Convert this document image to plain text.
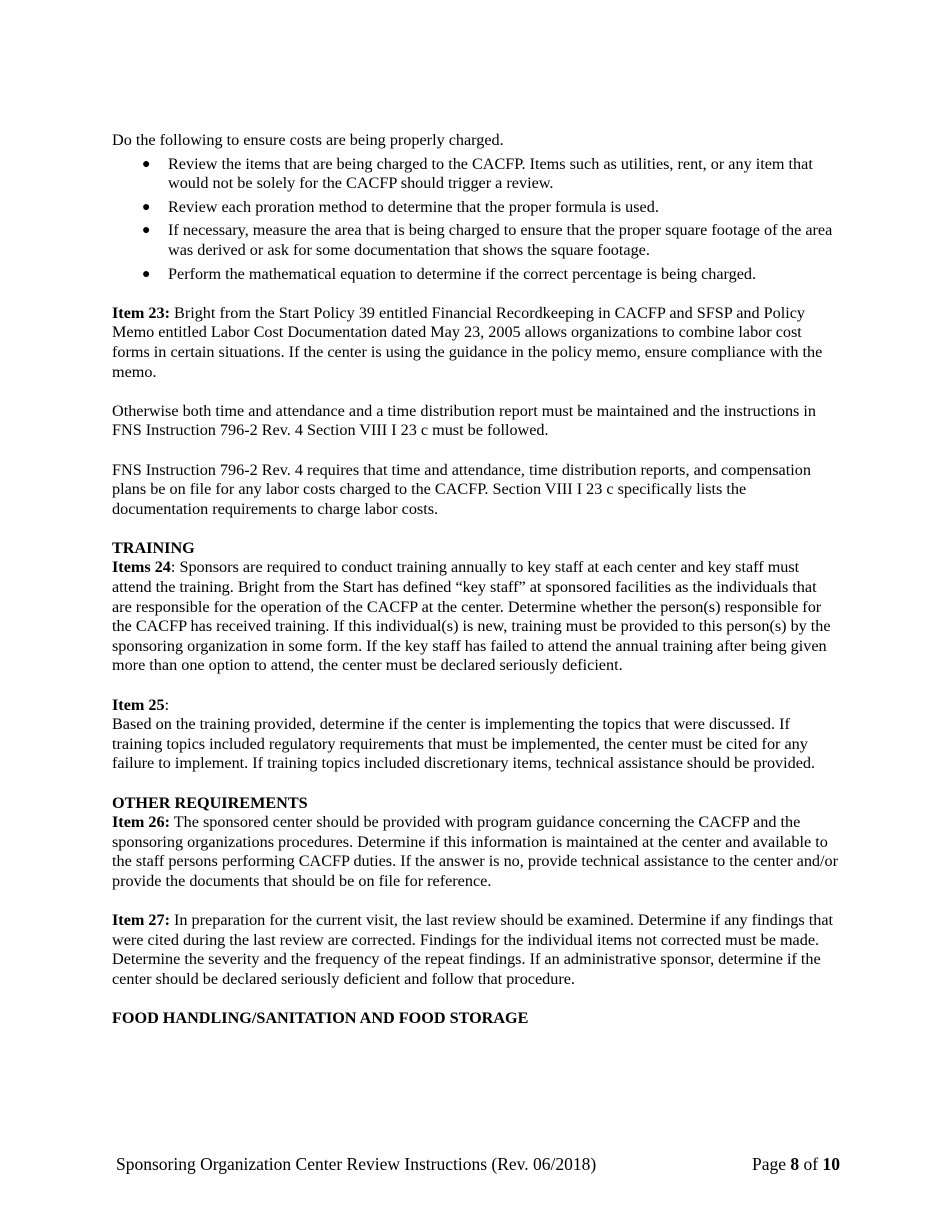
Do the following to ensure costs are being properly charged.

● Review the items that are being charged to the CACFP. Items such as utilities, rent, or any item that would not be solely for the CACFP should trigger a review.
● Review each proration method to determine that the proper formula is used.
● If necessary, measure the area that is being charged to ensure that the proper square footage of the area was derived or ask for some documentation that shows the square footage.
● Perform the mathematical equation to determine if the correct percentage is being charged.

Item 23: Bright from the Start Policy 39 entitled Financial Recordkeeping in CACFP and SFSP and Policy Memo entitled Labor Cost Documentation dated May 23, 2005 allows organizations to combine labor cost forms in certain situations. If the center is using the guidance in the policy memo, ensure compliance with the memo.

Otherwise both time and attendance and a time distribution report must be maintained and the instructions in FNS Instruction 796-2 Rev. 4 Section VIII I 23 c must be followed.

FNS Instruction 796-2 Rev. 4 requires that time and attendance, time distribution reports, and compensation plans be on file for any labor costs charged to the CACFP. Section VIII I 23 c specifically lists the documentation requirements to charge labor costs.

TRAINING

Items 24: Sponsors are required to conduct training annually to key staff at each center and key staff must attend the training. Bright from the Start has defined “key staff” at sponsored facilities as the individuals that are responsible for the operation of the CACFP at the center. Determine whether the person(s) responsible for the CACFP has received training. If this individual(s) is new, training must be provided to this person(s) by the sponsoring organization in some form. If the key staff has failed to attend the annual training after being given more than one option to attend, the center must be declared seriously deficient.

Item 25:

Based on the training provided, determine if the center is implementing the topics that were discussed. If training topics included regulatory requirements that must be implemented, the center must be cited for any failure to implement. If training topics included discretionary items, technical assistance should be provided.

OTHER REQUIREMENTS

Item 26: The sponsored center should be provided with program guidance concerning the CACFP and the sponsoring organizations procedures. Determine if this information is maintained at the center and available to the staff persons performing CACFP duties. If the answer is no, provide technical assistance to the center and/or provide the documents that should be on file for reference.

Item 27: In preparation for the current visit, the last review should be examined. Determine if any findings that were cited during the last review are corrected. Findings for the individual items not corrected must be made. Determine the severity and the frequency of the repeat findings. If an administrative sponsor, determine if the center should be declared seriously deficient and follow that procedure.

FOOD HANDLING/SANITATION AND FOOD STORAGE

Sponsoring Organization Center Review Instructions (Rev. 06/2018)	Page 8 of 10
